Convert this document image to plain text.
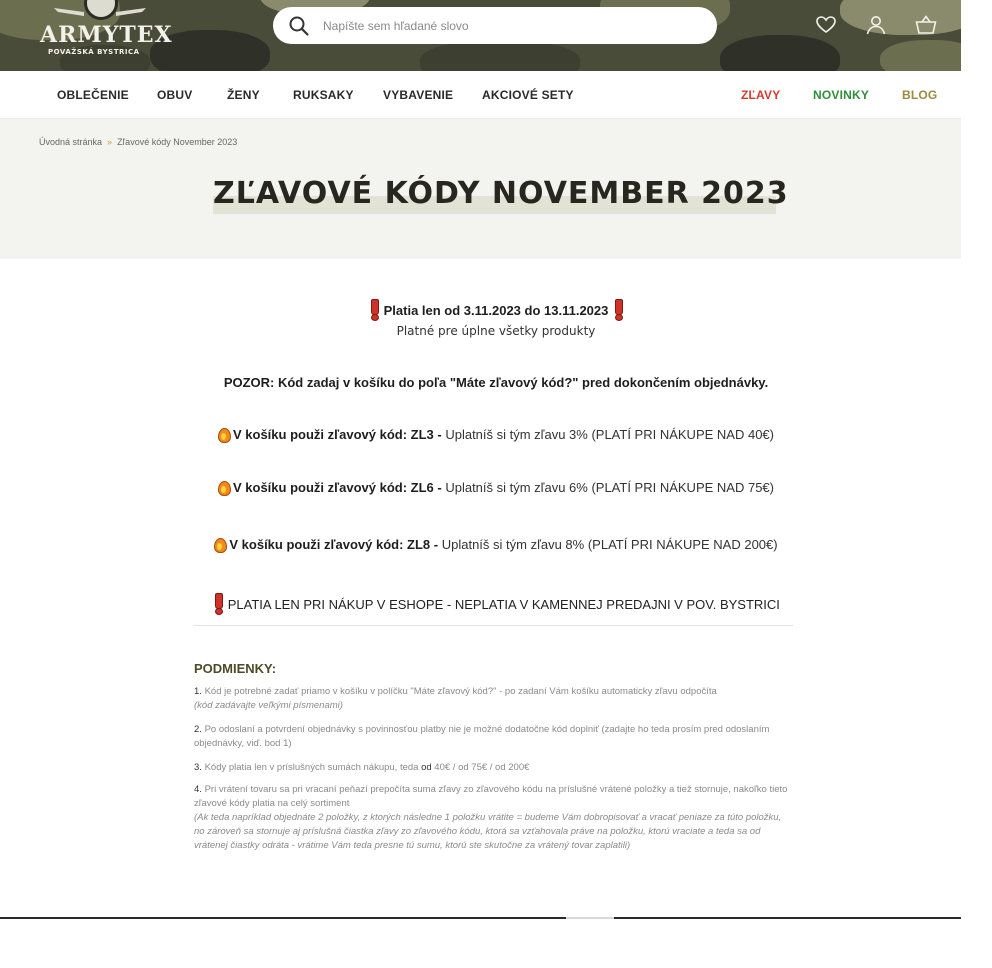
ARMYTEX
POVAŽSKÁ BYSTRICA
Napíšte sem hľadané slovo
OBLEČENIE OBUV	ŽENY	RUKSAKY VYBAVENIE AKCIOVÉ SETY	ZĽAVY	NOVINKY	BLOG
Úvodná stránka » Zľavové kódy November 2023
ZĽAVOVÉ KÓDY NOVEMBER 2023
Platia len od 3.11.2023 do 13.11.2023
Platné pre úplne všetky produkty
POZOR: Kód zadaj v košíku do poľa "Máte zľavový kód?" pred dokončením objednávky.
V košíku použi zľavový kód: ZL3 - Uplatníš si tým zľavu 3% (PLATÍ PRI NÁKUPE NAD 40€)
V košíku použi zľavový kód: ZL6 - Uplatníš si tým zľavu 6% (PLATÍ PRI NÁKUPE NAD 75€)
V košíku použi zľavový kód: ZL8 - Uplatníš si tým zľavu 8% (PLATÍ PRI NÁKUPE NAD 200€)
PLATIA LEN PRI NÁKUP V ESHOPE - NEPLATIA V KAMENNEJ PREDAJNI V POV. BYSTRICI
PODMIENKY:
1. Kód je potrebné zadať priamo v košíku v políčku "Máte zľavový kód?" - po zadaní Vám košíku automaticky zľavu odpočíta
(kód zadávajte veľkými písmenami)
2. Po odoslaní a potvrdení objednávky s povinnosťou platby nie je možné dodatočne kód doplniť (zadajte ho teda prosím pred odoslaním objednávky, viď. bod 1)
3. Kódy platia len v príslušných sumách nákupu, teda od 40€ / od 75€ / od 200€
4. Pri vrátení tovaru sa pri vracaní peňazí prepočíta suma zľavy zo zľavového kódu na príslušné vrátené položky a tiež stornuje, nakoľko tieto zľavové kódy platia na celý sortiment
(Ak teda napríklad objednáte 2 položky, z ktorých následne 1 položku vrátite = budeme Vám dobropisovať a vracať peniaze za túto položku, no zároveň sa stornuje aj príslušná čiastka zľavy zo zľavového kódu, ktorá sa vzťahovala práve na položku, ktorú vraciate a teda sa od vrátenej čiastky odráta - vrátime Vám teda presne tú sumu, ktorú ste skutočne za vrátený tovar zaplatili)
